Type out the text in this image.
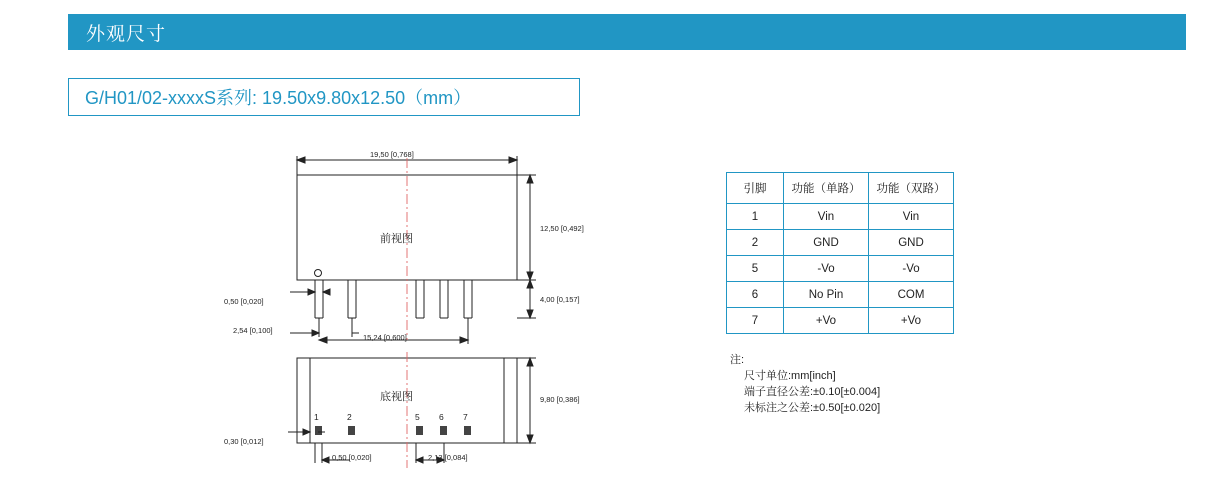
外观尺寸
G/H01/02-xxxxS系列: 19.50x9.80x12.50（mm）
前视图
底视图
19,50 [0,768]
12,50 [0,492]
4,00 [0,157]
0,50 [0,020]
2,54 [0,100]
15,24 [0,600]
9,80 [0,386]
0,30 [0,012]
0,50 [0,020]	2,13 [0,084]
1	2	5 6 7
引脚	功能（单路）	功能（双路）
1	Vin	Vin
2	GND	GND
5	-Vo	-Vo
6	No Pin	COM
7	+Vo	+Vo

注:

尺寸单位:mm[inch]

端子直径公差:±0.10[±0.004]

未标注之公差:±0.50[±0.020]
